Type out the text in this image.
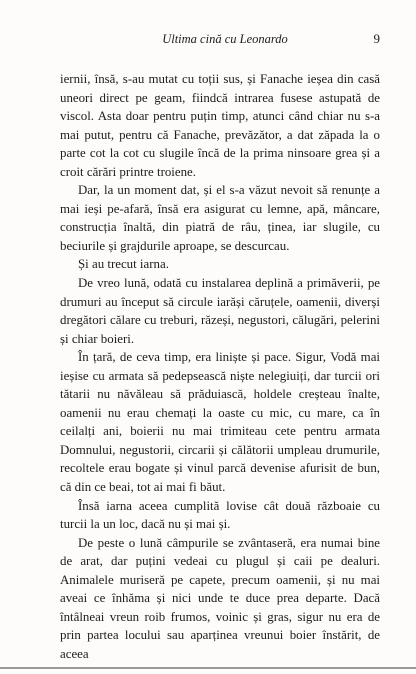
Ultima cină cu Leonardo	9

iernii, însă, s-au mutat cu toții sus, și Fanache ieșea din casă uneori direct pe geam, fiindcă intrarea fusese astupată de viscol. Asta doar pentru puțin timp, atunci când chiar nu s-a mai putut, pentru că Fanache, prevăzător, a dat zăpada la o parte cot la cot cu slugile încă de la prima ninsoare grea și a croit cărări printre troiene.

Dar, la un moment dat, și el s-a văzut nevoit să renunțe a mai ieși pe-afară, însă era asigurat cu lemne, apă, mâncare, construcția înaltă, din piatră de râu, ținea, iar slugile, cu beciurile și grajdurile aproape, se descurcau.

Și au trecut iarna.

De vreo lună, odată cu instalarea deplină a primăverii, pe drumuri au început să circule iarăși căruțele, oamenii, diverși dregători călare cu treburi, răzeși, negustori, călugări, pelerini și chiar boieri.

În țară, de ceva timp, era liniște și pace. Sigur, Vodă mai ieșise cu armata să pedepsească niște nelegiuiți, dar turcii ori tătarii nu năvăleau să prăduiască, holdele creșteau înalte, oamenii nu erau chemați la oaste cu mic, cu mare, ca în ceilalți ani, boierii nu mai trimiteau cete pentru armata Domnului, negustorii, circarii și călătorii umpleau drumurile, recoltele erau bogate și vinul parcă devenise afurisit de bun, că din ce beai, tot ai mai fi băut.

Însă iarna aceea cumplită lovise cât două războaie cu turcii la un loc, dacă nu și mai și.

De peste o lună câmpurile se zvântaseră, era numai bine de arat, dar puțini vedeai cu plugul și caii pe dealuri. Animalele muriseră pe capete, precum oamenii, și nu mai aveai ce înhăma și nici unde te duce prea departe. Dacă întâlneai vreun roib frumos, voinic și gras, sigur nu era de prin partea locului sau aparținea vreunui boier înstărit, de aceea
